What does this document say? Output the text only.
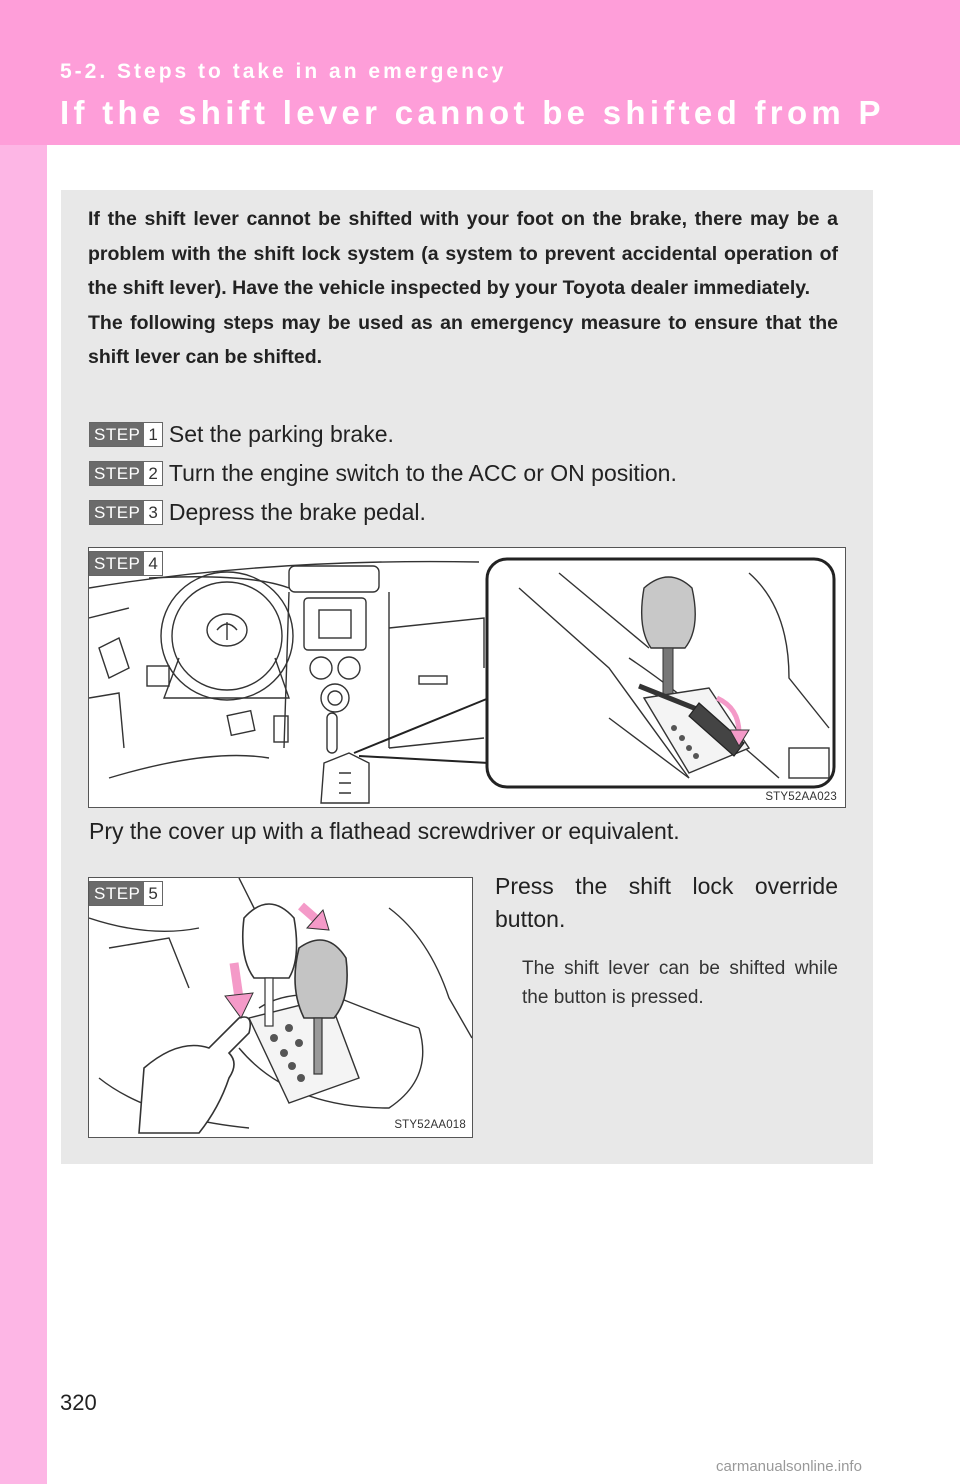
5-2. Steps to take in an emergency
If the shift lever cannot be shifted from P

If the shift lever cannot be shifted with your foot on the brake, there may be a problem with the shift lock system (a system to prevent accidental operation of the shift lever). Have the vehicle inspected by your Toyota dealer immediately.

The following steps may be used as an emergency measure to ensure that the shift lever can be shifted.

STEP 1 Set the parking brake.
STEP 2 Turn the engine switch to the ACC or ON position.
STEP 3 Depress the brake pedal.
STEP 4
STY52AA023
Pry the cover up with a flathead screwdriver or equivalent.
STEP 5
STY52AA018
Press the shift lock override button.
The shift lever can be shifted while the button is pressed.
320
carmanualsonline.info
